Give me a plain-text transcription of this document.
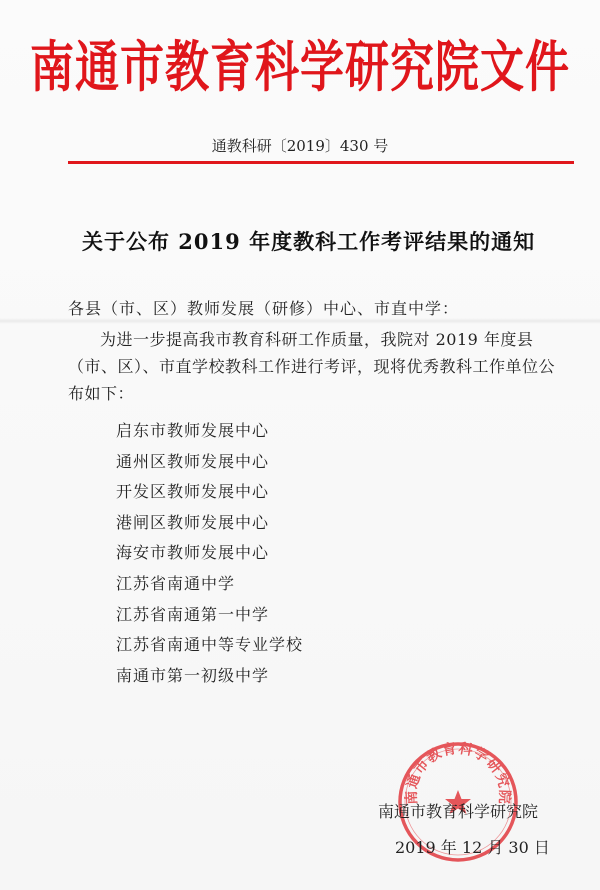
南通市教育科学研究院文件
通教科研〔2019〕430 号
关于公布 2019 年度教科工作考评结果的通知
各县（市、区）教师发展（研修）中心、市直中学：
为进一步提高我市教育科研工作质量，我院对 2019 年度县（市、区）、市直学校教科工作进行考评，现将优秀教科工作单位公布如下：
启东市教师发展中心
通州区教师发展中心
开发区教师发展中心
港闸区教师发展中心
海安市教师发展中心
江苏省南通中学
江苏省南通第一中学
江苏省南通中等专业学校
南通市第一初级中学
南通市教育科学研究院
南通市教育科学研究院
2019 年 12 月 30 日
